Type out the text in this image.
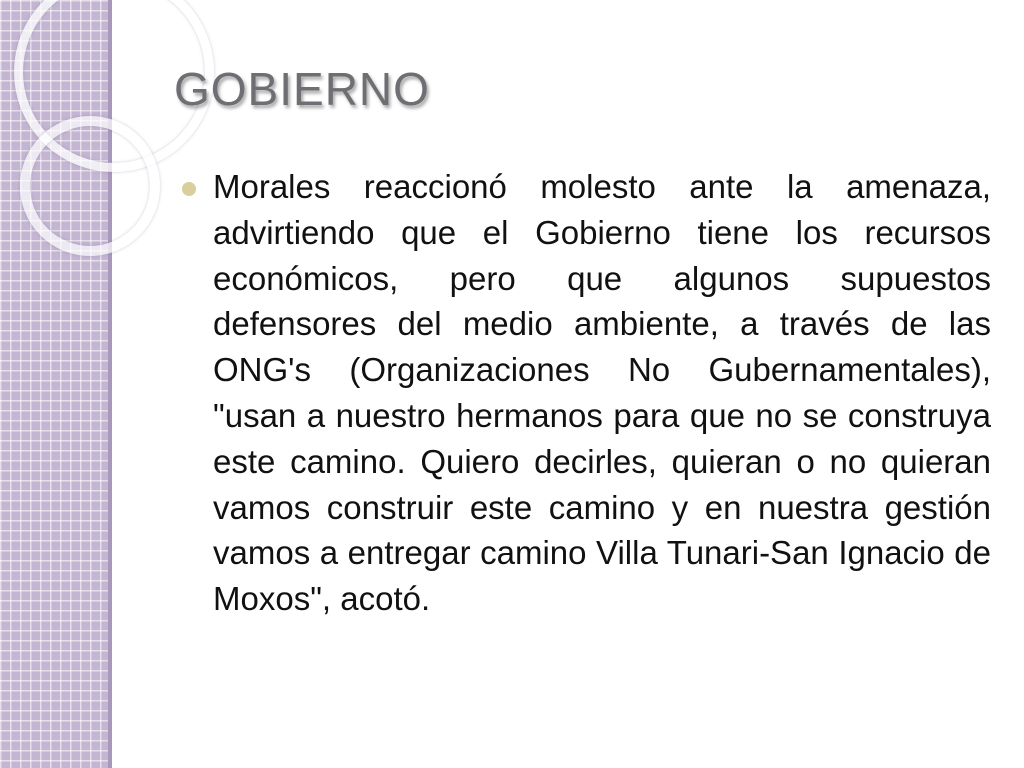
GOBIERNO

Morales reaccionó molesto ante la amenaza, advirtiendo que el Gobierno tiene los recursos económicos, pero que algunos supuestos defensores del medio ambiente, a través de las ONG's (Organizaciones No Gubernamentales), "usan a nuestro hermanos para que no se construya este camino. Quiero decirles, quieran o no quieran vamos construir este camino y en nuestra gestión vamos a entregar camino Villa Tunari-San Ignacio de Moxos", acotó.
